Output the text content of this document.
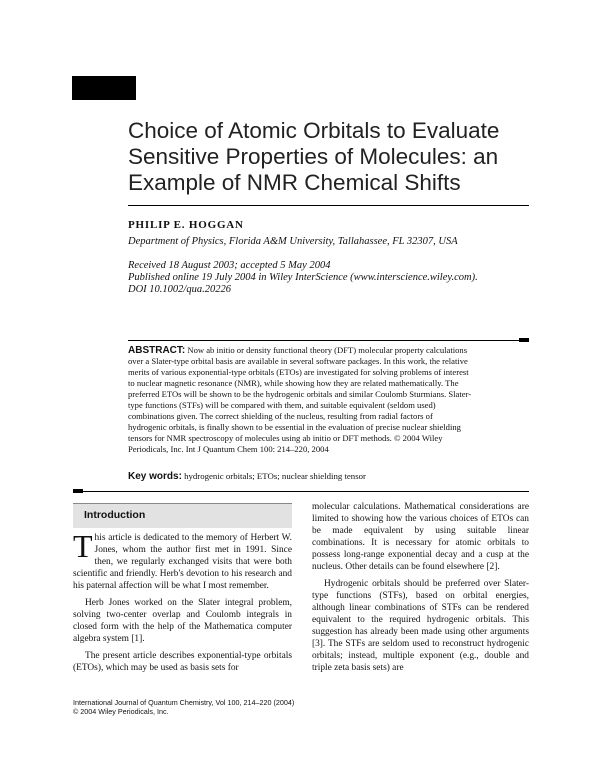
Choice of Atomic Orbitals to Evaluate
Sensitive Properties of Molecules: an
Example of NMR Chemical Shifts
PHILIP E. HOGGAN
Department of Physics, Florida A&M University, Tallahassee, FL 32307, USA
Received 18 August 2003; accepted 5 May 2004
Published online 19 July 2004 in Wiley InterScience (www.interscience.wiley.com).
DOI 10.1002/qua.20226
ABSTRACT: Now ab initio or density functional theory (DFT) molecular property calculations over a Slater-type orbital basis are available in several software packages. In this work, the relative merits of various exponential-type orbitals (ETOs) are investigated for solving problems of interest to nuclear magnetic resonance (NMR), while showing how they are related mathematically. The preferred ETOs will be shown to be the hydrogenic orbitals and similar Coulomb Sturmians. Slater-type functions (STFs) will be compared with them, and suitable equivalent (seldom used) combinations given. The correct shielding of the nucleus, resulting from radial factors of hydrogenic orbitals, is finally shown to be essential in the evaluation of precise nuclear shielding tensors for NMR spectroscopy of molecules using ab initio or DFT methods. © 2004 Wiley Periodicals, Inc. Int J Quantum Chem 100: 214–220, 2004
Key words: hydrogenic orbitals; ETOs; nuclear shielding tensor
Introduction

This article is dedicated to the memory of Herbert W. Jones, whom the author first met in 1991. Since then, we regularly exchanged visits that were both scientific and friendly. Herb's devotion to his research and his paternal affection will be what I most remember.

Herb Jones worked on the Slater integral problem, solving two-center overlap and Coulomb integrals in closed form with the help of the Mathematica computer algebra system [1].

The present article describes exponential-type orbitals (ETOs), which may be used as basis sets for

molecular calculations. Mathematical considerations are limited to showing how the various choices of ETOs can be made equivalent by using suitable linear combinations. It is necessary for atomic orbitals to possess long-range exponential decay and a cusp at the nucleus. Other details can be found elsewhere [2].

Hydrogenic orbitals should be preferred over Slater-type functions (STFs), based on orbital energies, although linear combinations of STFs can be rendered equivalent to the required hydrogenic orbitals. This suggestion has already been made using other arguments [3]. The STFs are seldom used to reconstruct hydrogenic orbitals; instead, multiple exponent (e.g., double and triple zeta basis sets) are

International Journal of Quantum Chemistry, Vol 100, 214–220 (2004)
© 2004 Wiley Periodicals, Inc.
